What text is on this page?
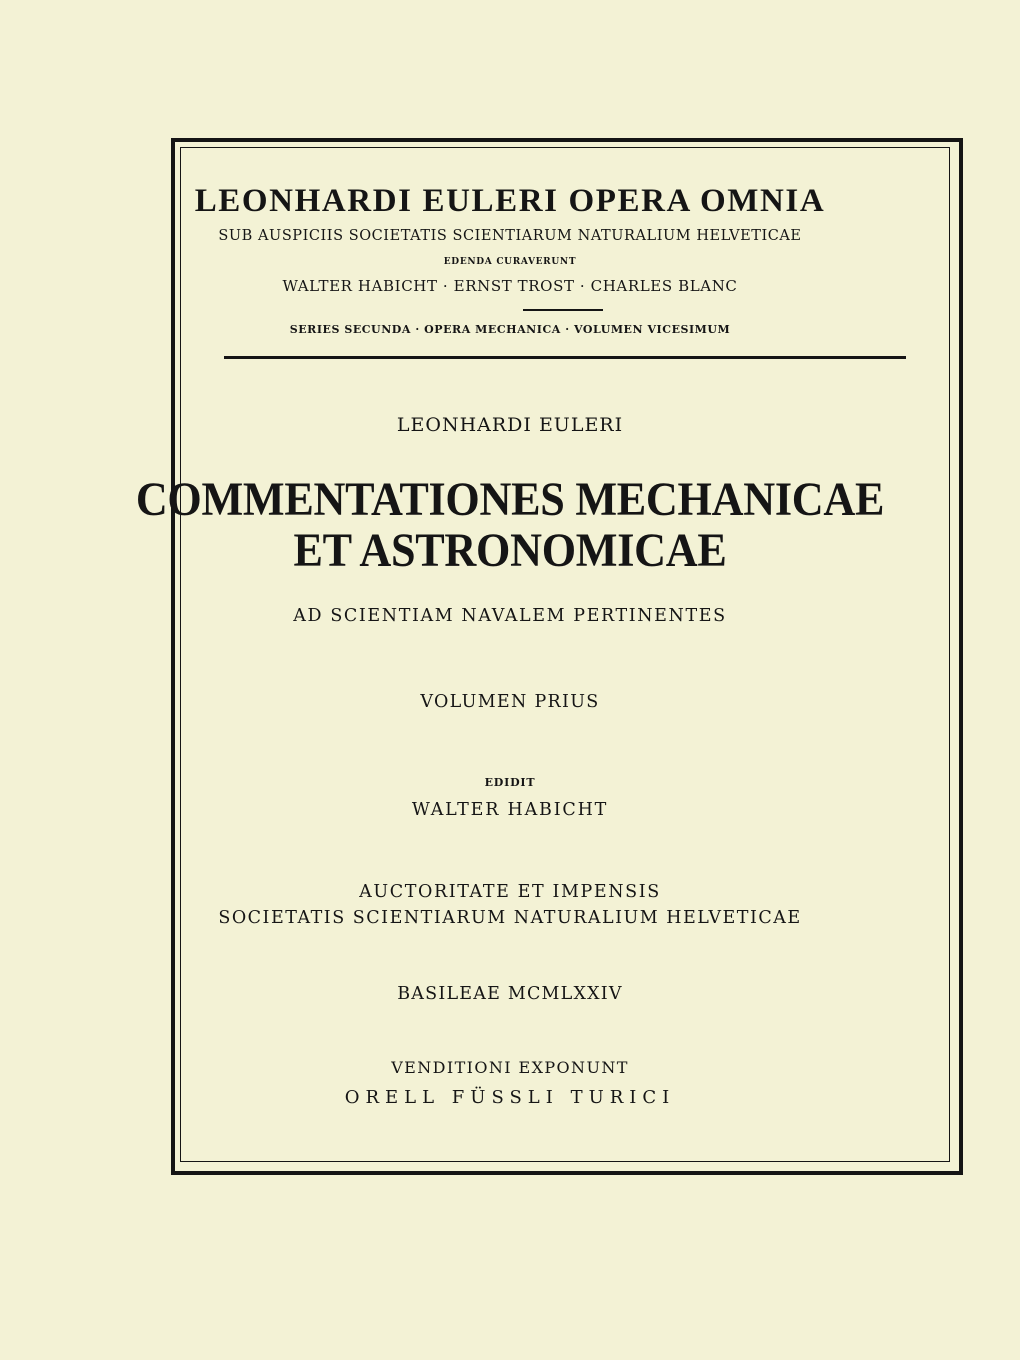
LEONHARDI EULERI OPERA OMNIA

SUB AUSPICIIS SOCIETATIS SCIENTIARUM NATURALIUM HELVETICAE

EDENDA CURAVERUNT

WALTER HABICHT · ERNST TROST · CHARLES BLANC

SERIES SECUNDA · OPERA MECHANICA · VOLUMEN VICESIMUM

LEONHARDI EULERI

COMMENTATIONES MECHANICAE
ET ASTRONOMICAE

AD SCIENTIAM NAVALEM PERTINENTES

VOLUMEN PRIUS

EDIDIT

WALTER HABICHT

AUCTORITATE ET IMPENSIS

SOCIETATIS SCIENTIARUM NATURALIUM HELVETICAE

BASILEAE MCMLXXIV

VENDITIONI EXPONUNT

ORELL FÜSSLI TURICI
